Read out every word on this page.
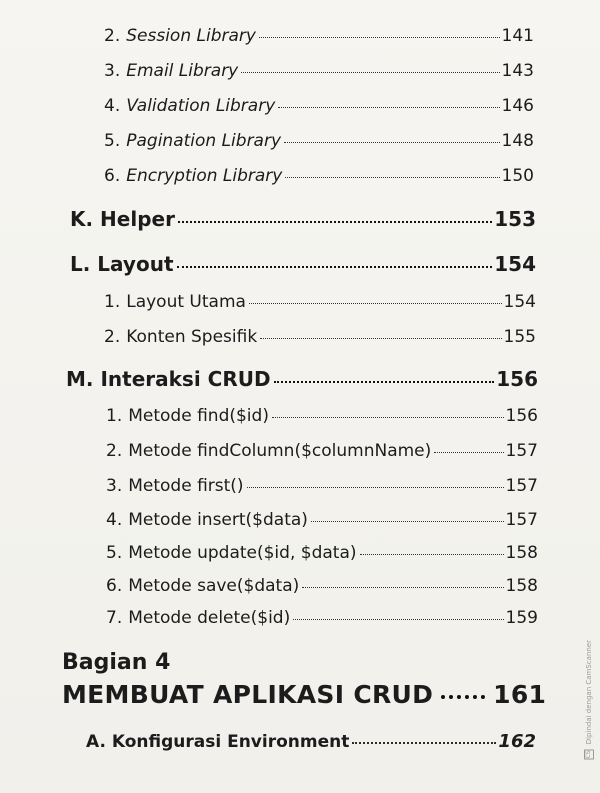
2. Session Library	141
3. Email Library	143
4. Validation Library	146
5. Pagination Library	148
6. Encryption Library	150
K. Helper	153
L. Layout	154
1. Layout Utama	154
2. Konten Spesifik	155
M. Interaksi CRUD	156
1. Metode find($id)	156
2. Metode findColumn($columnName)	157
3. Metode first()	157
4. Metode insert($data)	157
5. Metode update($id, $data)	158
6. Metode save($data)	158
7. Metode delete($id)	159
Bagian 4
MEMBUAT APLIKASI CRUD 161
A. Konfigurasi Environment	162
CS Dipindai dengan CamScanner
